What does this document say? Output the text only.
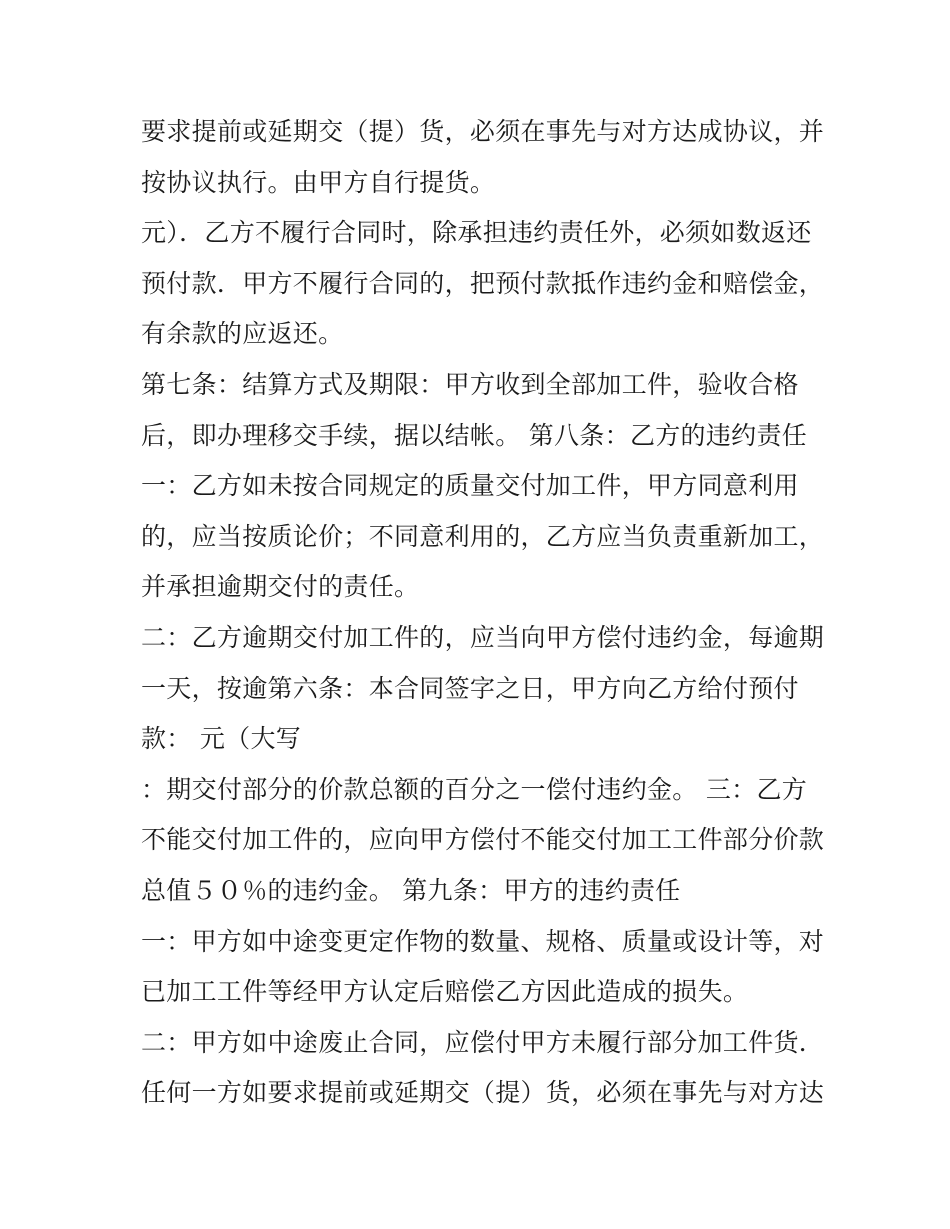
要求提前或延期交（提）货，必须在事先与对方达成协议，并
按协议执行。由甲方自行提货。
元）．乙方不履行合同时，除承担违约责任外，必须如数返还
预付款．甲方不履行合同的，把预付款抵作违约金和赔偿金，
有余款的应返还。
第七条：结算方式及期限：甲方收到全部加工件，验收合格
后，即办理移交手续，据以结帐。 第八条：乙方的违约责任
一：乙方如未按合同规定的质量交付加工件，甲方同意利用
的，应当按质论价；不同意利用的，乙方应当负责重新加工，
并承担逾期交付的责任。
二：乙方逾期交付加工件的，应当向甲方偿付违约金，每逾期
一天，按逾第六条：本合同签字之日，甲方向乙方给付预付
款： 元（大写
：期交付部分的价款总额的百分之一偿付违约金。 三：乙方
不能交付加工件的，应向甲方偿付不能交付加工工件部分价款
总值５０％的违约金。 第九条：甲方的违约责任
一：甲方如中途变更定作物的数量、规格、质量或设计等，对
已加工工件等经甲方认定后赔偿乙方因此造成的损失。
二：甲方如中途废止合同，应偿付甲方未履行部分加工件货．
任何一方如要求提前或延期交（提）货，必须在事先与对方达
